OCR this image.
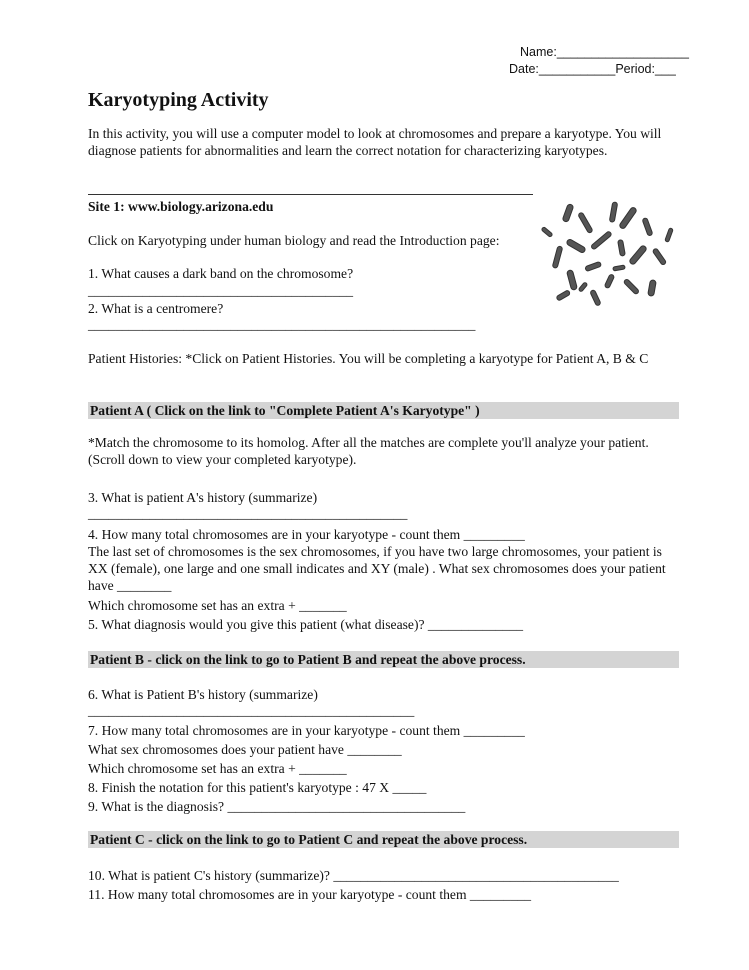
Name:___________________
Date:___________Period:___
Karyotyping Activity

In this activity, you will use a computer model to look at chromosomes and prepare a karyotype. You will diagnose patients for abnormalities and learn the correct notation for characterizing karyotypes.

Site 1: www.biology.arizona.edu

Click on Karyotyping under human biology and read the Introduction page:

1. What causes a dark band on the chromosome?
_______________________________________
2. What is a centromere?
_________________________________________________________

Patient Histories: *Click on Patient Histories. You will be completing a karyotype for Patient A, B & C

Patient A ( Click on the link to "Complete Patient A's Karyotype" )

*Match the chromosome to its homolog. After all the matches are complete you'll analyze your patient. (Scroll down to view your completed karyotype).

3. What is patient A's history (summarize)
_______________________________________________
4. How many total chromosomes are in your karyotype - count them _________

The last set of chromosomes is the sex chromosomes, if you have two large chromosomes, your patient is XX (female), one large and one small indicates and XY (male) . What sex chromosomes does your patient have ________

Which chromosome set has an extra + _______
5. What diagnosis would you give this patient (what disease)? ______________
Patient B - click on the link to go to Patient B and repeat the above process.
6. What is Patient B's history (summarize)
________________________________________________
7. How many total chromosomes are in your karyotype - count them _________
What sex chromosomes does your patient have ________
Which chromosome set has an extra + _______
8. Finish the notation for this patient's karyotype : 47 X _____
9. What is the diagnosis? ___________________________________
Patient C - click on the link to go to Patient C and repeat the above process.
10. What is patient C's history (summarize)? __________________________________________
11. How many total chromosomes are in your karyotype - count them _________
